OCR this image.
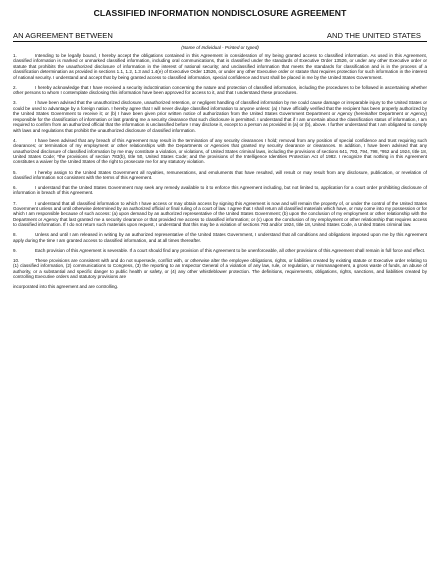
CLASSIFIED INFORMATION NONDISCLOSURE AGREEMENT
AN AGREEMENT BETWEEN	AND THE UNITED STATES
(Name of Individual - Printed or typed)
1.	Intending to be legally bound, I hereby accept the obligations contained in this Agreement in consideration of my being granted access to classified information. As used in this Agreement, classified information is marked or unmarked classified information, including oral communications, that is classified under the standards of Executive Order 13526, or under any other Executive order or statute that prohibits the unauthorized disclosure of information in the interest of national security; and unclassified information that meets the standards for classification and is in the process of a classification determination as provided in sections 1.1, 1.2, 1.3 and 1.4(e) of Executive Order 13526, or under any other Executive order or statute that requires protection for such information in the interest of national security. I understand and accept that by being granted access to classified information, special confidence and trust shall be placed in me by the United States Government.
2.	I hereby acknowledge that I have received a security indoctrination concerning the nature and protection of classified information, including the procedures to be followed in ascertaining whether other persons to whom I contemplate disclosing this information have been approved for access to it, and that I understand these procedures.
3.	I have been advised that the unauthorized disclosure, unauthorized retention, or negligent handling of classified information by me could cause damage or irreparable injury to the United States or could be used to advantage by a foreign nation. I hereby agree that I will never divulge classified information to anyone unless: (a) I have officially verified that the recipient has been properly authorized by the United States Government to receive it; or (b) I have been given prior written notice of authorization from the United States Government Department or Agency (hereinafter Department or Agency) responsible for the classification of information or last granting me a security clearance that such disclosure is permitted. I understand that if I am uncertain about the classification status of information, I am required to confirm from an authorized official that the information is unclassified before I may disclose it, except to a person as provided in (a) or (b), above. I further understand that I am obligated to comply with laws and regulations that prohibit the unauthorized disclosure of classified information.
4.	I have been advised that any breach of this Agreement may result in the termination of any security clearances I hold; removal from any position of special confidence and trust requiring such clearances; or termination of my employment or other relationships with the Departments or Agencies that granted my security clearance or clearances. In addition, I have been advised that any unauthorized disclosure of classified information by me may constitute a violation, or violations, of United States criminal laws, including the provisions of sections 641, 793, 794, 798, *952 and 1924, title 18, United States Code; *the provisions of section 783(b), title 50, United States Code; and the provisions of the Intelligence Identities Protection Act of 1982. I recognize that nothing in this Agreement constitutes a waiver by the United States of the right to prosecute me for any statutory violation.
5.	I hereby assign to the United States Government all royalties, remunerations, and emoluments that have resulted, will result or may result from any disclosure, publication, or revelation of classified information not consistent with the terms of this Agreement.
6.	I understand that the United States Government may seek any remedy available to it to enforce this Agreement including, but not limited to, application for a court order prohibiting disclosure of information in breach of this Agreement.
7.	I understand that all classified information to which I have access or may obtain access by signing this Agreement is now and will remain the property of, or under the control of the United States Government unless and until otherwise determined by an authorized official or final ruling of a court of law. I agree that I shall return all classified materials which have, or may come into my possession or for which I am responsible because of such access: (a) upon demand by an authorized representative of the United States Government; (b) upon the conclusion of my employment or other relationship with the Department or Agency that last granted me a security clearance or that provided me access to classified information; or (c) upon the conclusion of my employment or other relationship that requires access to classified information. If I do not return such materials upon request, I understand that this may be a violation of sections 793 and/or 1924, title 18, United States Code, a United States criminal law.
8.	Unless and until I am released in writing by an authorized representative of the United States Government, I understand that all conditions and obligations imposed upon me by this Agreement apply during the time I am granted access to classified information, and at all times thereafter.
9.	Each provision of this Agreement is severable. If a court should find any provision of this Agreement to be unenforceable, all other provisions of this Agreement shall remain in full force and effect.
10.	These provisions are consistent with and do not supersede, conflict with, or otherwise alter the employee obligations, rights, or liabilities created by existing statute or Executive order relating to (1) classified information, (2) communications to Congress, (3) the reporting to an Inspector General of a violation of any law, rule, or regulation, or mismanagement, a gross waste of funds, an abuse of authority, or a substantial and specific danger to public health or safety, or (4) any other whistleblower protection. The definitions, requirements, obligations, rights, sanctions, and liabilities created by controlling Executive orders and statutory provisions are
incorporated into this agreement and are controlling.
